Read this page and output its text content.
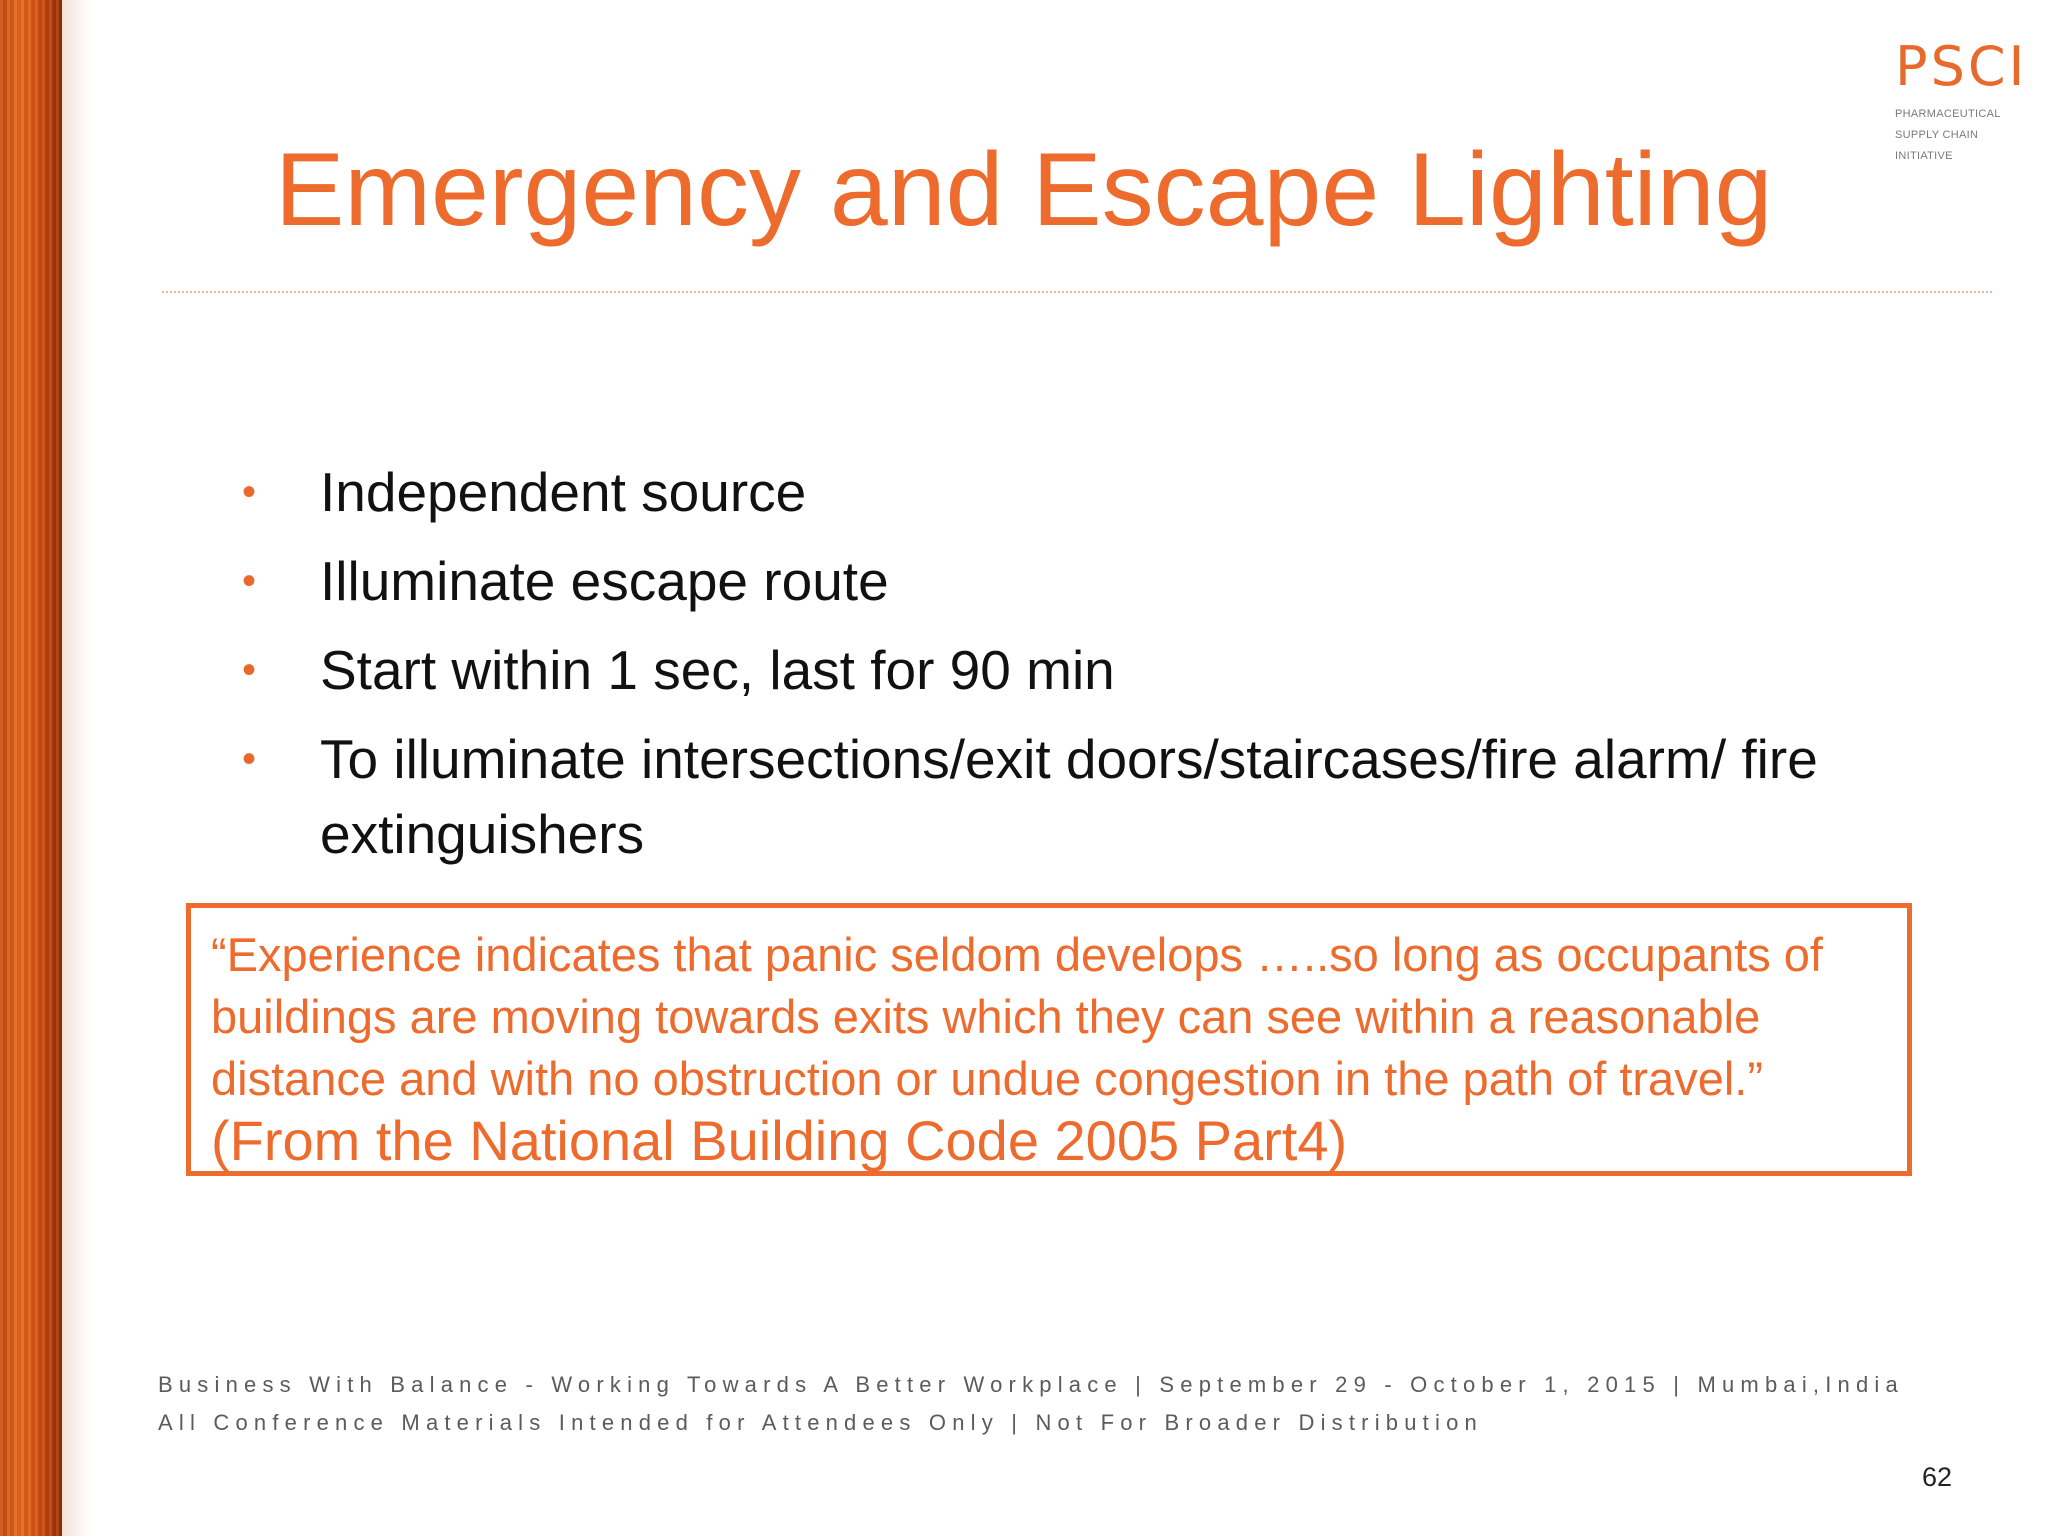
PSCI
PHARMACEUTICAL
SUPPLY CHAIN
INITIATIVE
Emergency and Escape Lighting
• Independent source
• Illuminate escape route
• Start within 1 sec, last for 90 min
• To illuminate intersections/exit doors/staircases/fire alarm/ fire extinguishers
“Experience indicates that panic seldom develops …..so long as occupants of buildings are moving towards exits which they can see within a reasonable distance and with no obstruction or undue congestion in the path of travel.” (From the National Building Code 2005 Part4)
Business With Balance - Working Towards A Better Workplace | September 29 - October 1, 2015 | Mumbai,India
All Conference Materials Intended for Attendees Only | Not For Broader Distribution
62
